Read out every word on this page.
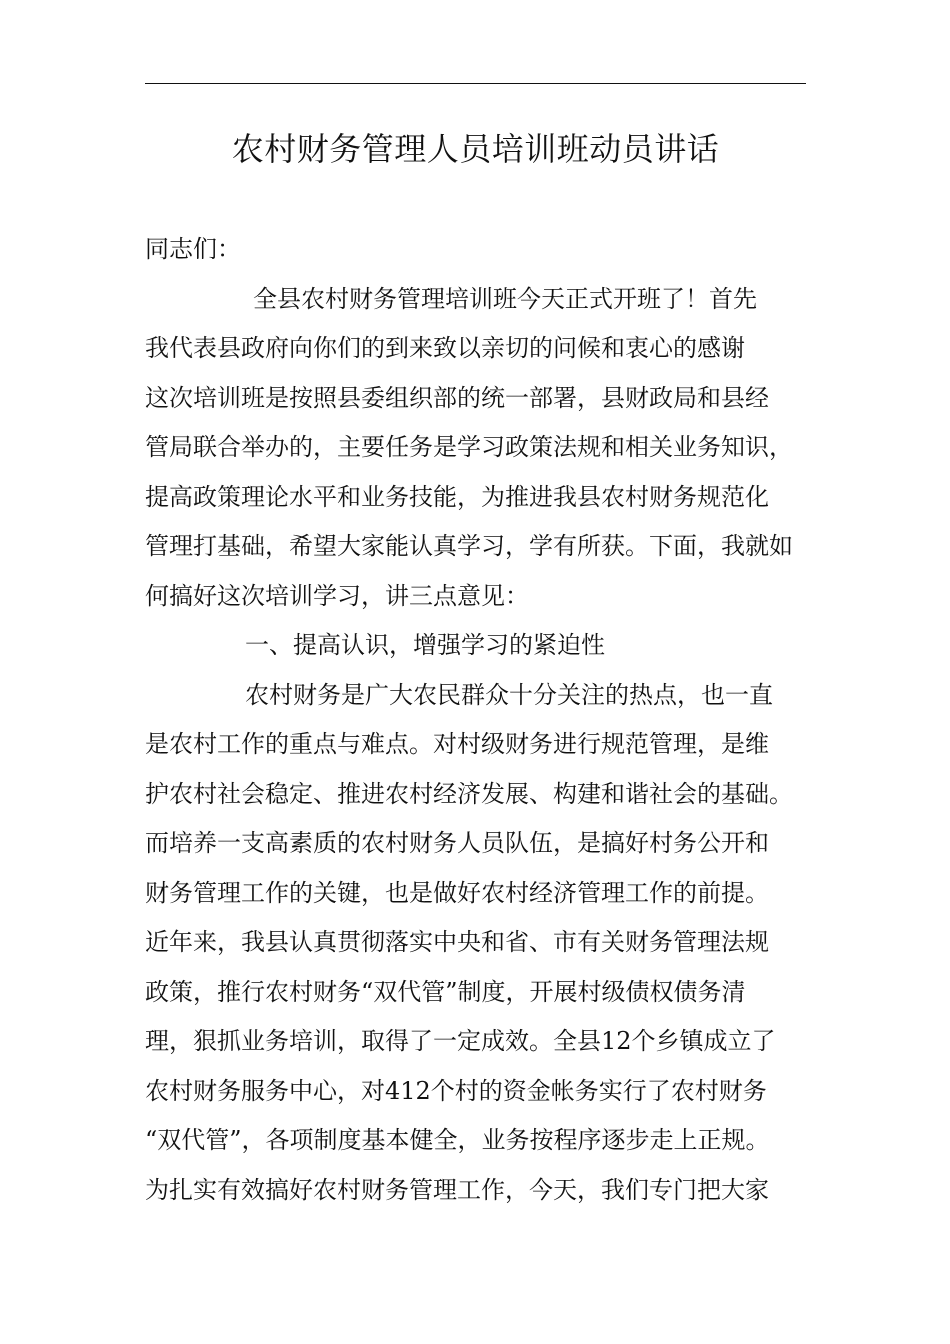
农村财务管理人员培训班动员讲话
同志们：
全县农村财务管理培训班今天正式开班了！首先
我代表县政府向你们的到来致以亲切的问候和衷心的感谢
这次培训班是按照县委组织部的统一部署，县财政局和县经
管局联合举办的，主要任务是学习政策法规和相关业务知识，
提高政策理论水平和业务技能，为推进我县农村财务规范化
管理打基础，希望大家能认真学习，学有所获。下面，我就如
何搞好这次培训学习，讲三点意见：
一、提高认识，增强学习的紧迫性
农村财务是广大农民群众十分关注的热点，也一直
是农村工作的重点与难点。对村级财务进行规范管理，是维
护农村社会稳定、推进农村经济发展、构建和谐社会的基础。
而培养一支高素质的农村财务人员队伍，是搞好村务公开和
财务管理工作的关键，也是做好农村经济管理工作的前提。
近年来，我县认真贯彻落实中央和省、市有关财务管理法规
政策，推行农村财务“双代管”制度，开展村级债权债务清
理，狠抓业务培训，取得了一定成效。全县12个乡镇成立了
农村财务服务中心，对412个村的资金帐务实行了农村财务
“双代管”，各项制度基本健全，业务按程序逐步走上正规。
为扎实有效搞好农村财务管理工作，今天，我们专门把大家
